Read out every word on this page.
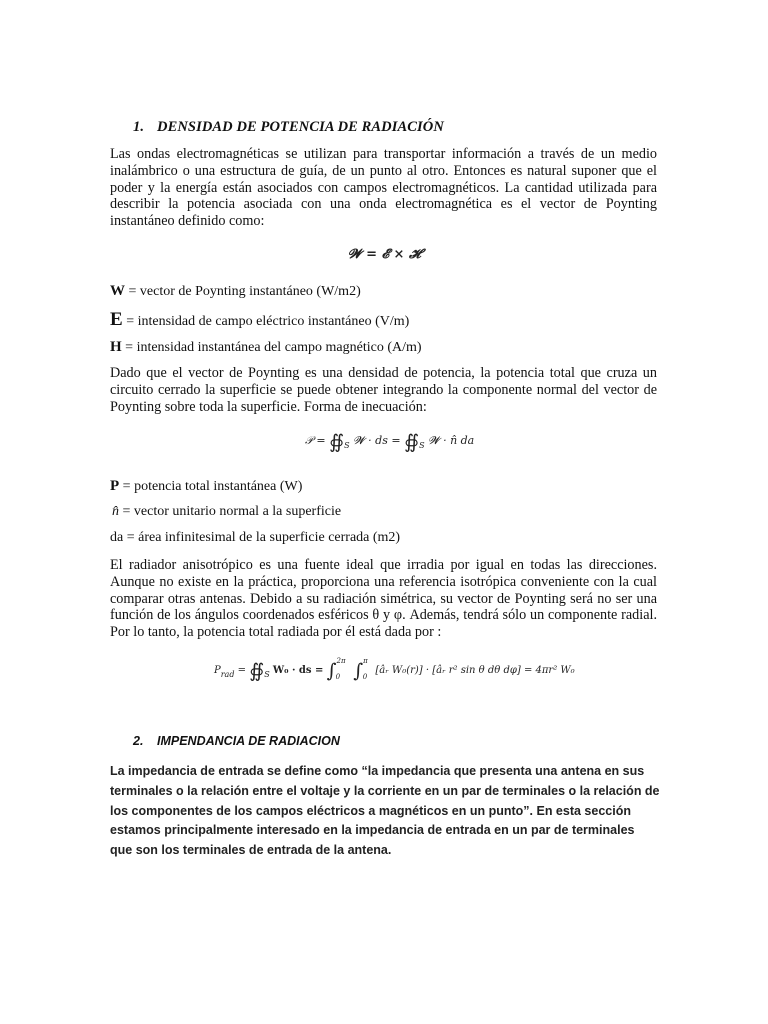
1. DENSIDAD DE POTENCIA DE RADIACIÓN
Las ondas electromagnéticas se utilizan para transportar información a través de un medio inalámbrico o una estructura de guía, de un punto al otro. Entonces es natural suponer que el poder y la energía están asociados con campos electromagnéticos. La cantidad utilizada para describir la potencia asociada con una onda electromagnética es el vector de Poynting instantáneo definido como:
𝓦 = 𝓔 × 𝓗
W = vector de Poynting instantáneo (W/m2)
E = intensidad de campo eléctrico instantáneo (V/m)
H = intensidad instantánea del campo magnético (A/m)
Dado que el vector de Poynting es una densidad de potencia, la potencia total que cruza un circuito cerrado la superficie se puede obtener integrando la componente normal del vector de Poynting sobre toda la superficie. Forma de inecuación:
𝒫 = $∯_S$ 𝓦 · ds = $∯_S$ 𝓦 · n̂ da
P = potencia total instantánea (W)
n̂ = vector unitario normal a la superficie
da = área infinitesimal de la superficie cerrada (m2)
El radiador anisotrópico es una fuente ideal que irradia por igual en todas las direcciones. Aunque no existe en la práctica, proporciona una referencia isotrópica conveniente con la cual comparar otras antenas. Debido a su radiación simétrica, su vector de Poynting será no ser una función de los ángulos coordenados esféricos θ y φ. Además, tendrá sólo un componente radial. Por lo tanto, la potencia total radiada por él está dada por :
$P_{rad}$ = $∯_S$ W₀ · ds = ∫$^{2\pi}_0$ ∫$^\pi_0$ [âᵣ W₀(r)] · [âᵣ r² sin θ dθ dφ] = 4πr² W₀
2. IMPENDANCIA DE RADIACION
La impedancia de entrada se define como “la impedancia que presenta una antena en sus terminales o la relación entre el voltaje y la corriente en un par de terminales o la relación de los componentes de los campos eléctricos a magnéticos en un punto”. En esta sección estamos principalmente interesado en la impedancia de entrada en un par de terminales que son los terminales de entrada de la antena.
